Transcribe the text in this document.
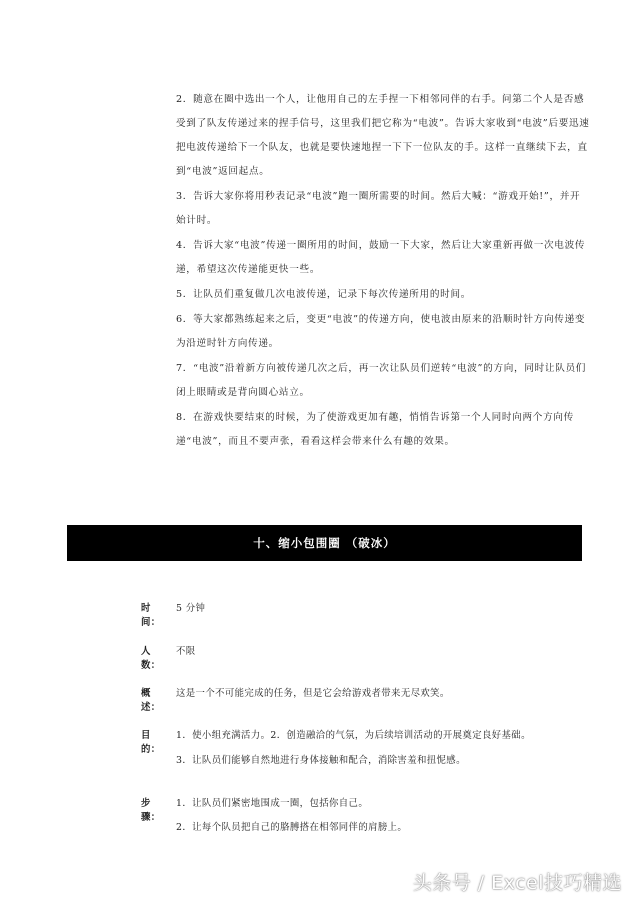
2．随意在圈中选出一个人，让他用自己的左手捏一下相邻同伴的右手。问第二个人是否感受到了队友传递过来的捏手信号，这里我们把它称为“电波”。告诉大家收到“电波”后要迅速把电波传递给下一个队友，也就是要快速地捏一下下一位队友的手。这样一直继续下去，直到“电波”返回起点。

3．告诉大家你将用秒表记录“电波”跑一圈所需要的时间。然后大喊：“游戏开始!”，并开始计时。

4．告诉大家“电波”传递一圈所用的时间，鼓励一下大家，然后让大家重新再做一次电波传递，希望这次传递能更快一些。

5．让队员们重复做几次电波传递，记录下每次传递所用的时间。

6．等大家都熟练起来之后，变更“电波”的传递方向，使电波由原来的沿顺时针方向传递变为沿逆时针方向传递。

7．“电波”沿着新方向被传递几次之后，再一次让队员们逆转“电波”的方向，同时让队员们闭上眼睛或是背向圆心站立。

8．在游戏快要结束的时候，为了使游戏更加有趣，悄悄告诉第一个人同时向两个方向传递“电波”，而且不要声张，看看这样会带来什么有趣的效果。

十、缩小包围圈 （破冰）
时间：
5 分钟
人数：
不限
概述：
这是一个不可能完成的任务，但是它会给游戏者带来无尽欢笑。
目的：
1．使小组充满活力。2．创造融洽的气氛，为后续培训活动的开展奠定良好基础。
3．让队员们能够自然地进行身体接触和配合，消除害羞和扭怩感。
步骤：
1．让队员们紧密地围成一圈，包括你自己。
2．让每个队员把自己的胳膊搭在相邻同伴的肩膀上。
头条号 / Excel技巧精选
